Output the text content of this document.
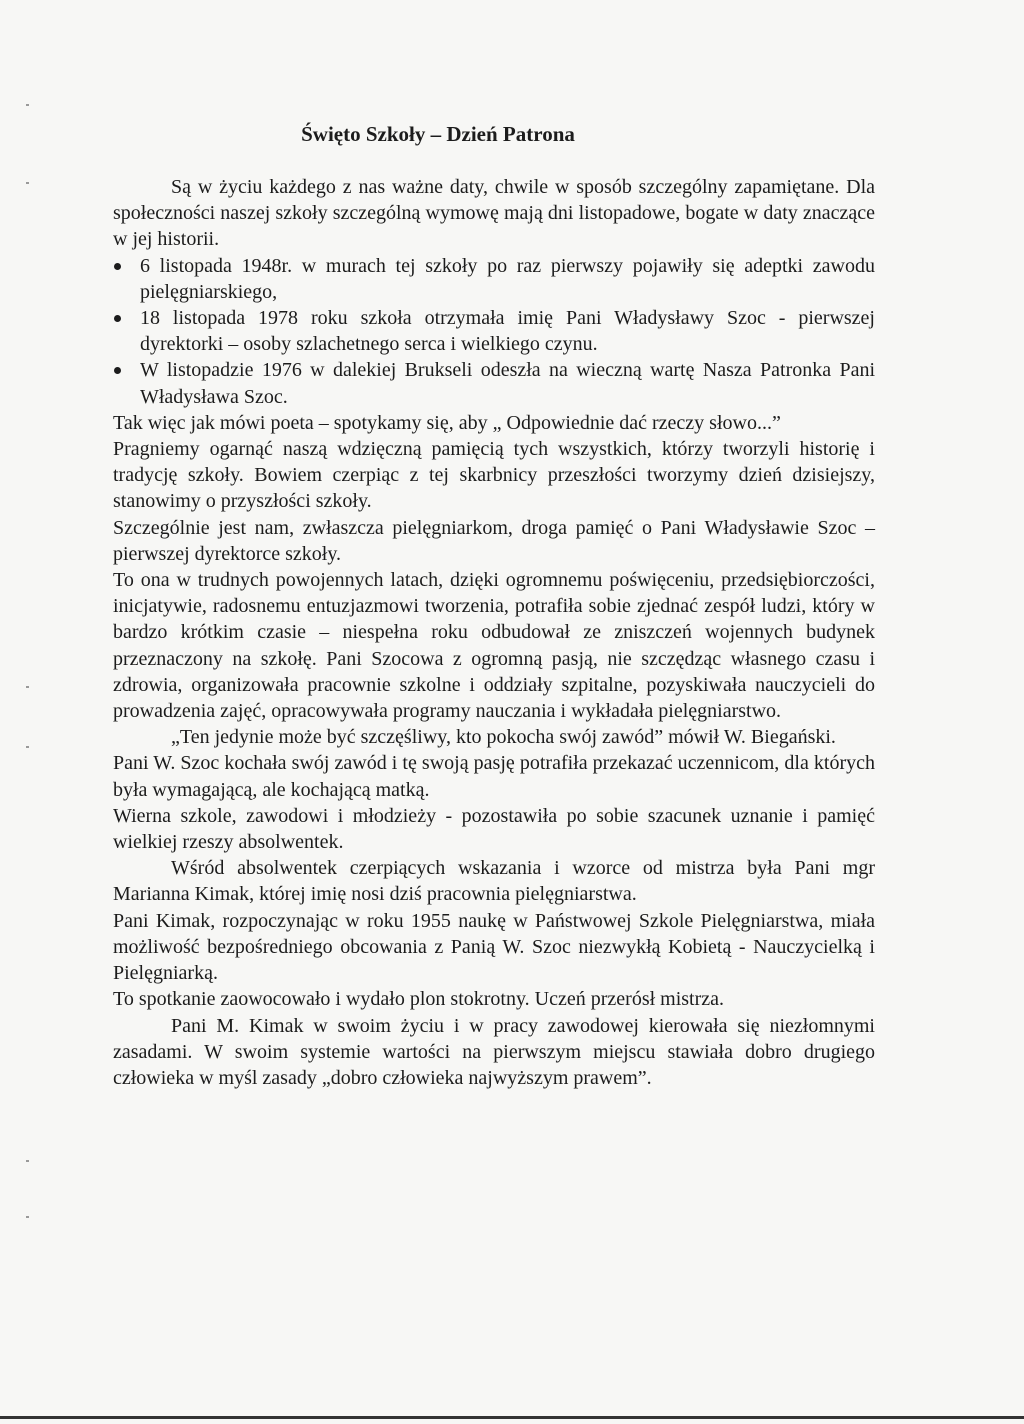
Święto Szkoły – Dzień Patrona

Są w życiu każdego z nas ważne daty, chwile w sposób szczególny zapamiętane. Dla społeczności naszej szkoły szczególną wymowę mają dni listopadowe, bogate w daty znaczące w jej historii.

6 listopada 1948r. w murach tej szkoły po raz pierwszy pojawiły się adeptki zawodu pielęgniarskiego,
18 listopada 1978 roku szkoła otrzymała imię Pani Władysławy Szoc - pierwszej dyrektorki – osoby szlachetnego serca i wielkiego czynu.
W listopadzie 1976 w dalekiej Brukseli odeszła na wieczną wartę Nasza Patronka Pani Władysława Szoc.

Tak więc jak mówi poeta – spotykamy się, aby „ Odpowiednie dać rzeczy słowo...”

Pragniemy ogarnąć naszą wdzięczną pamięcią tych wszystkich, którzy tworzyli historię i tradycję szkoły. Bowiem czerpiąc z tej skarbnicy przeszłości tworzymy dzień dzisiejszy, stanowimy o przyszłości szkoły.

Szczególnie jest nam, zwłaszcza pielęgniarkom, droga pamięć o Pani Władysławie Szoc – pierwszej dyrektorce szkoły.

To ona w trudnych powojennych latach, dzięki ogromnemu poświęceniu, przedsiębiorczości, inicjatywie, radosnemu entuzjazmowi tworzenia, potrafiła sobie zjednać zespół ludzi, który w bardzo krótkim czasie – niespełna roku odbudował ze zniszczeń wojennych budynek przeznaczony na szkołę. Pani Szocowa z ogromną pasją, nie szczędząc własnego czasu i zdrowia, organizowała pracownie szkolne i oddziały szpitalne, pozyskiwała nauczycieli do prowadzenia zajęć, opracowywała programy nauczania i wykładała pielęgniarstwo.

„Ten jedynie może być szczęśliwy, kto pokocha swój zawód” mówił W. Biegański.

Pani W. Szoc kochała swój zawód i tę swoją pasję potrafiła przekazać uczennicom, dla których była wymagającą, ale kochającą matką.

Wierna szkole, zawodowi i młodzieży - pozostawiła po sobie szacunek uznanie i pamięć wielkiej rzeszy absolwentek.

Wśród absolwentek czerpiących wskazania i wzorce od mistrza była Pani mgr Marianna Kimak, której imię nosi dziś pracownia pielęgniarstwa.

Pani Kimak, rozpoczynając w roku 1955 naukę w Państwowej Szkole Pielęgniarstwa, miała możliwość bezpośredniego obcowania z Panią W. Szoc niezwykłą Kobietą - Nauczycielką i Pielęgniarką.

To spotkanie zaowocowało i wydało plon stokrotny. Uczeń przerósł mistrza.

Pani M. Kimak w swoim życiu i w pracy zawodowej kierowała się niezłomnymi zasadami. W swoim systemie wartości na pierwszym miejscu stawiała dobro drugiego człowieka w myśl zasady „dobro człowieka najwyższym prawem”.
